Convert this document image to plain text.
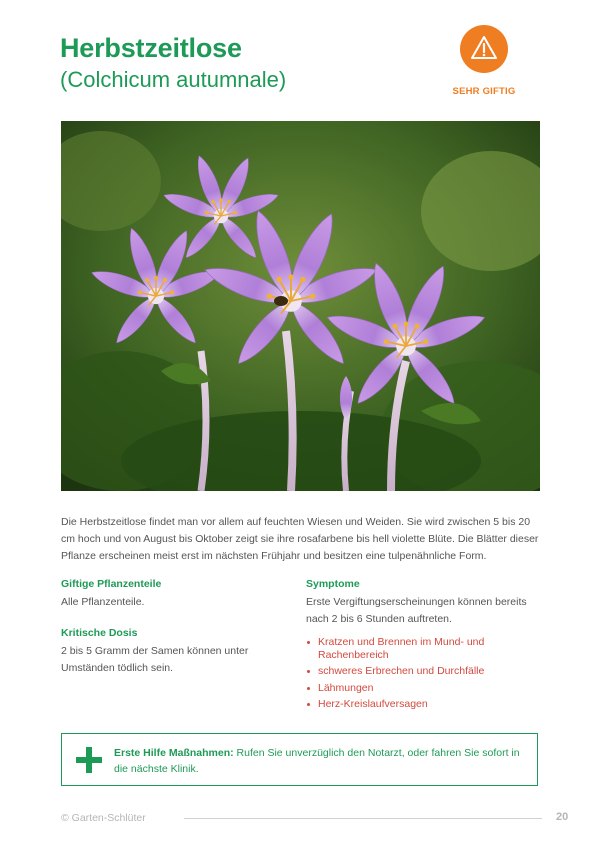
Herbstzeitlose
(Colchicum autumnale)	SEHR GIFTIG

Die Herbstzeitlose findet man vor allem auf feuchten Wiesen und Weiden. Sie wird zwischen 5 bis 20 cm hoch und von August bis Oktober zeigt sie ihre rosafarbene bis hell violette Blüte. Die Blätter dieser Pflanze erscheinen meist erst im nächsten Frühjahr und besitzen eine tulpenähnliche Form.

Giftige Pflanzenteile

Alle Pflanzenteile.

Kritische Dosis

2 bis 5 Gramm der Samen können unter Umständen tödlich sein.

Symptome

Erste Vergiftungserscheinungen können bereits nach 2 bis 6 Stunden auftreten.

Kratzen und Brennen im Mund- und Rachenbereich
schweres Erbrechen und Durchfälle
Lähmungen
Herz-Kreislaufversagen
Erste Hilfe Maßnahmen: Rufen Sie unverzüglich den Notarzt, oder fahren Sie sofort in die nächste Klinik.
© Garten-Schlüter	20
